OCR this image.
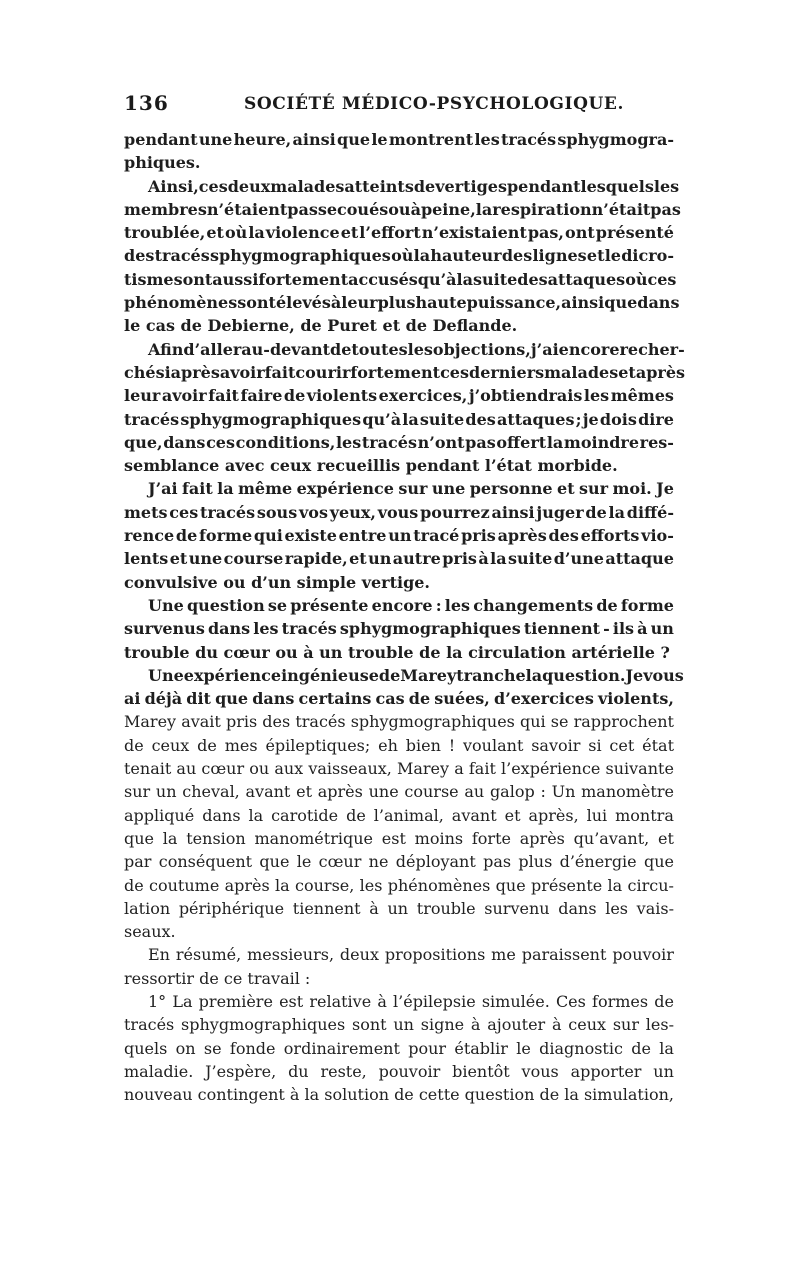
136	SOCIÉTÉ MÉDICO-PSYCHOLOGIQUE.
pendant une heure, ainsi que le montrent les tracés sphygmogra-
phiques.
Ainsi, ces deux malades atteints de vertiges pendant lesquels les
membres n’étaient pas secoués ou à peine, la respiration n’était pas
troublée, et où la violence et l’effort n’existaient pas, ont présenté
des tracés sphygmographiques où la hauteur des lignes et le dicro-
tisme sont aussi fortement accusés qu’à la suite des attaques où ces
phénomènes sont élevés à leur plus haute puissance, ainsi que dans
le cas de Debierne, de Puret et de Deflande.
Afin d’aller au-devant de toutes les objections, j’ai encore recher-
ché si après avoir fait courir fortement ces derniers malades et après
leur avoir fait faire de violents exercices, j’obtiendrais les mêmes
tracés sphygmographiques qu’à la suite des attaques ; je dois dire
que, dans ces conditions, les tracés n’ont pas offert la moindre res-
semblance avec ceux recueillis pendant l’état morbide.
J’ai fait la même expérience sur une personne et sur moi. Je
mets ces tracés sous vos yeux, vous pourrez ainsi juger de la diffé-
rence de forme qui existe entre un tracé pris après des efforts vio-
lents et une course rapide, et un autre pris à la suite d’une attaque
convulsive ou d’un simple vertige.
Une question se présente encore : les changements de forme
survenus dans les tracés sphygmographiques tiennent - ils à un
trouble du cœur ou à un trouble de la circulation artérielle ?
Une expérience ingénieuse de Marey tranche la question. Je vous
ai déjà dit que dans certains cas de suées, d’exercices violents,
Marey avait pris des tracés sphygmographiques qui se rapprochent
de ceux de mes épileptiques; eh bien ! voulant savoir si cet état
tenait au cœur ou aux vaisseaux, Marey a fait l’expérience suivante
sur un cheval, avant et après une course au galop : Un manomètre
appliqué dans la carotide de l’animal, avant et après, lui montra
que la tension manométrique est moins forte après qu’avant, et
par conséquent que le cœur ne déployant pas plus d’énergie que
de coutume après la course, les phénomènes que présente la circu-
lation périphérique tiennent à un trouble survenu dans les vais-
seaux.
En résumé, messieurs, deux propositions me paraissent pouvoir
ressortir de ce travail :
1° La première est relative à l’épilepsie simulée. Ces formes de
tracés sphygmographiques sont un signe à ajouter à ceux sur les-
quels on se fonde ordinairement pour établir le diagnostic de la
maladie. J’espère, du reste, pouvoir bientôt vous apporter un
nouveau contingent à la solution de cette question de la simulation,
